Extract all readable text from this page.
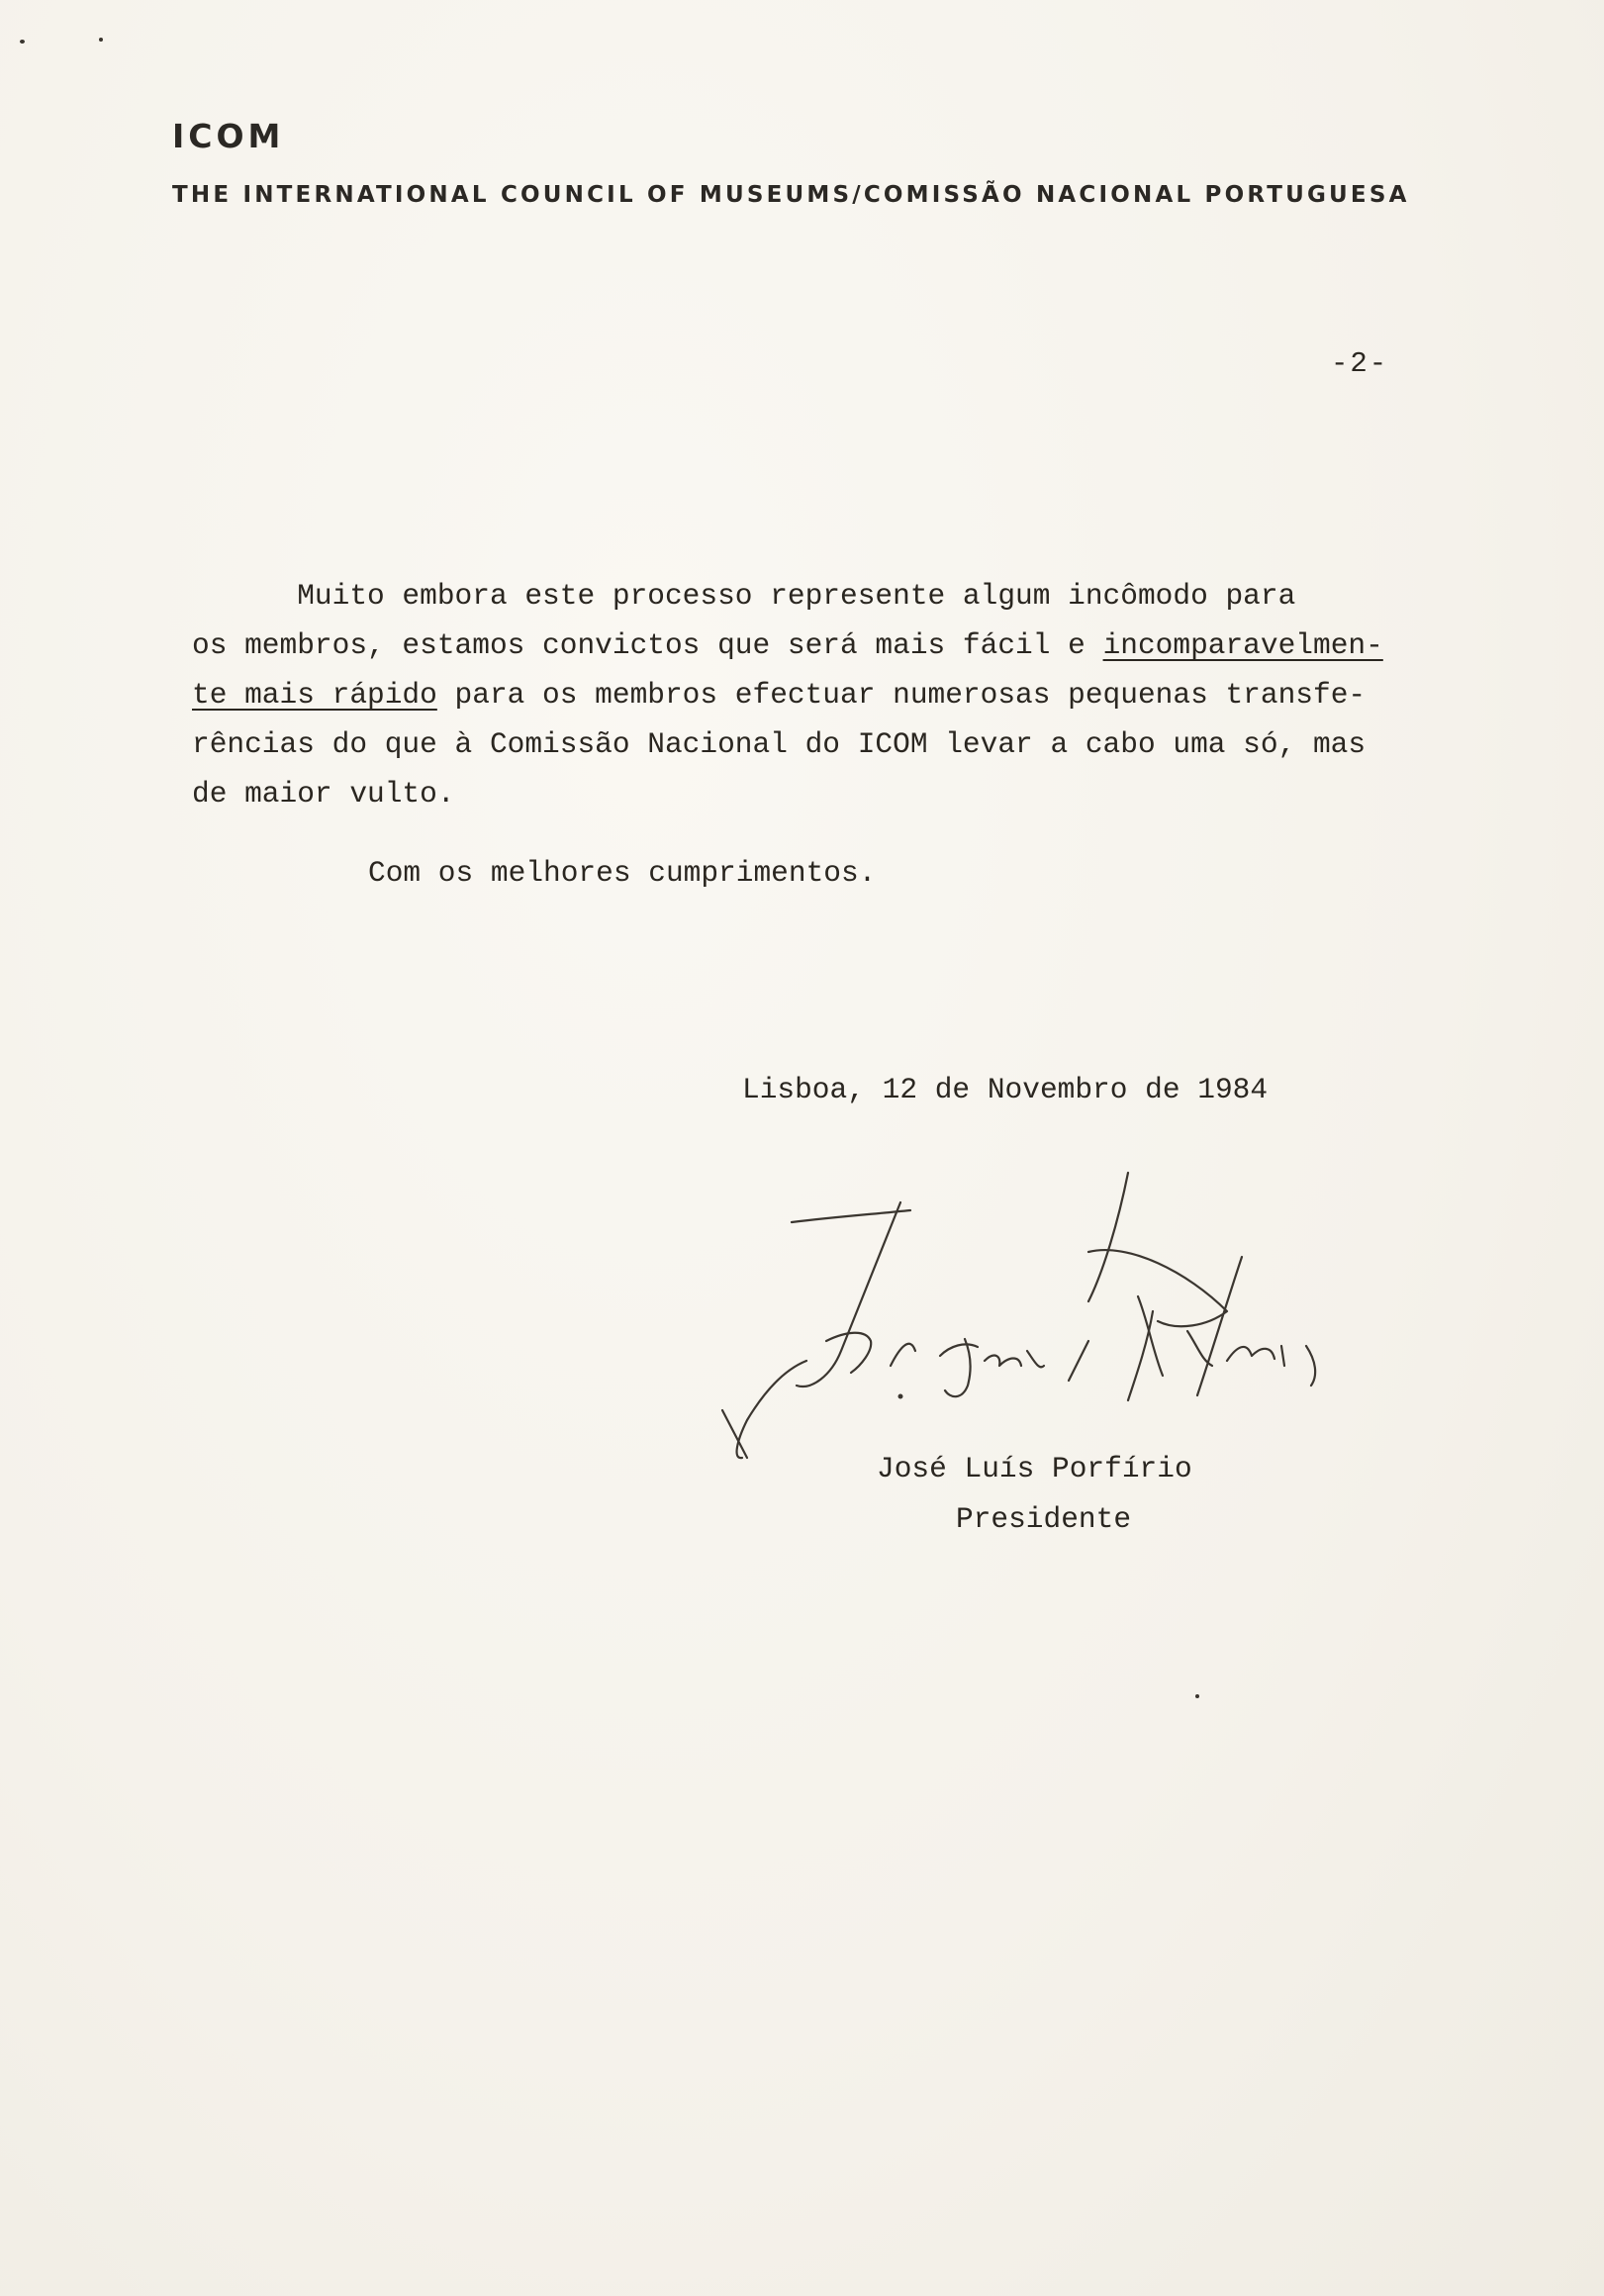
ICOM
THE INTERNATIONAL COUNCIL OF MUSEUMS/COMISSÃO NACIONAL PORTUGUESA

-2-

Muito embora este processo represente algum incômodo para
os membros, estamos convictos que será mais fácil e incomparavelmen-
te mais rápido para os membros efectuar numerosas pequenas transfe-
rências do que à Comissão Nacional do ICOM levar a cabo uma só, mas
de maior vulto.

Com os melhores cumprimentos.

Lisboa, 12 de Novembro de 1984

José Luís Porfírio

Presidente
